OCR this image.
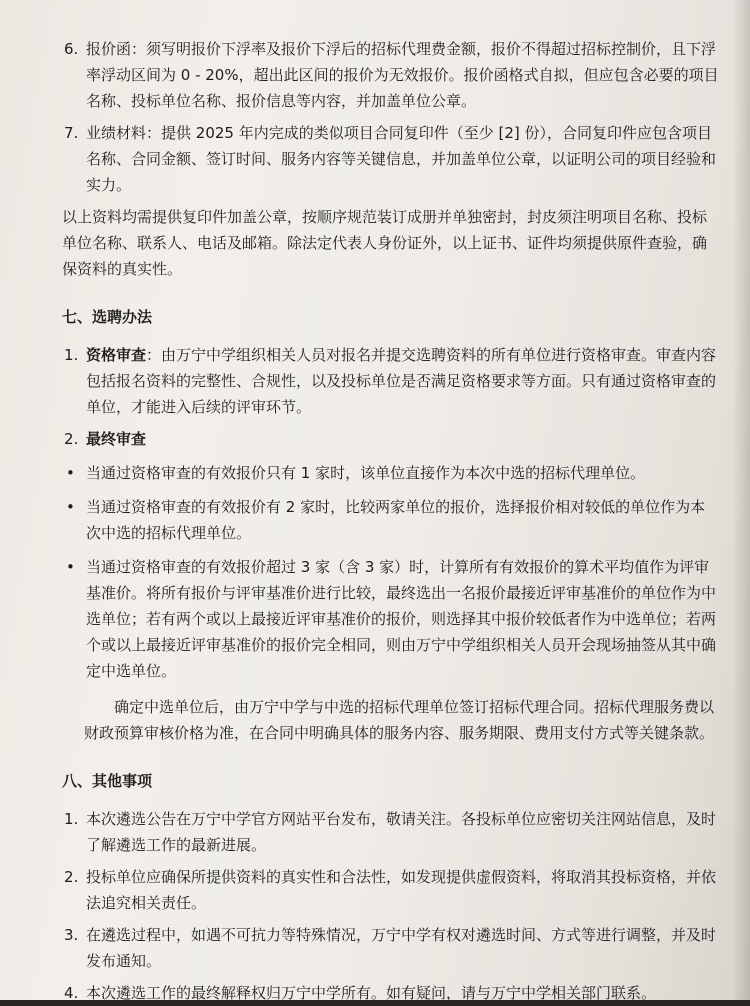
6. 报价函：须写明报价下浮率及报价下浮后的招标代理费金额，报价不得超过招标控制价，且下浮率浮动区间为 0 - 20%，超出此区间的报价为无效报价。报价函格式自拟，但应包含必要的项目名称、投标单位名称、报价信息等内容，并加盖单位公章。
7. 业绩材料：提供 2025 年内完成的类似项目合同复印件（至少 [2] 份），合同复印件应包含项目名称、合同金额、签订时间、服务内容等关键信息，并加盖单位公章，以证明公司的项目经验和实力。

以上资料均需提供复印件加盖公章，按顺序规范装订成册并单独密封，封皮须注明项目名称、投标单位名称、联系人、电话及邮箱。除法定代表人身份证外，以上证书、证件均须提供原件查验，确保资料的真实性。

七、选聘办法
1. 资格审查：由万宁中学组织相关人员对报名并提交选聘资料的所有单位进行资格审查。审查内容包括报名资料的完整性、合规性，以及投标单位是否满足资格要求等方面。只有通过资格审查的单位，才能进入后续的评审环节。
2. 最终审查
• 当通过资格审查的有效报价只有 1 家时，该单位直接作为本次中选的招标代理单位。
• 当通过资格审查的有效报价有 2 家时，比较两家单位的报价，选择报价相对较低的单位作为本次中选的招标代理单位。
• 当通过资格审查的有效报价超过 3 家（含 3 家）时，计算所有有效报价的算术平均值作为评审基准价。将所有报价与评审基准价进行比较，最终选出一名报价最接近评审基准价的单位作为中选单位；若有两个或以上最接近评审基准价的报价，则选择其中报价较低者作为中选单位；若两个或以上最接近评审基准价的报价完全相同，则由万宁中学组织相关人员开会现场抽签从其中确定中选单位。

确定中选单位后，由万宁中学与中选的招标代理单位签订招标代理合同。招标代理服务费以财政预算审核价格为准，在合同中明确具体的服务内容、服务期限、费用支付方式等关键条款。

八、其他事项
1. 本次遴选公告在万宁中学官方网站平台发布，敬请关注。各投标单位应密切关注网站信息，及时了解遴选工作的最新进展。
2. 投标单位应确保所提供资料的真实性和合法性，如发现提供虚假资料，将取消其投标资格，并依法追究相关责任。
3. 在遴选过程中，如遇不可抗力等特殊情况，万宁中学有权对遴选时间、方式等进行调整，并及时发布通知。
4. 本次遴选工作的最终解释权归万宁中学所有。如有疑问，请与万宁中学相关部门联系。
